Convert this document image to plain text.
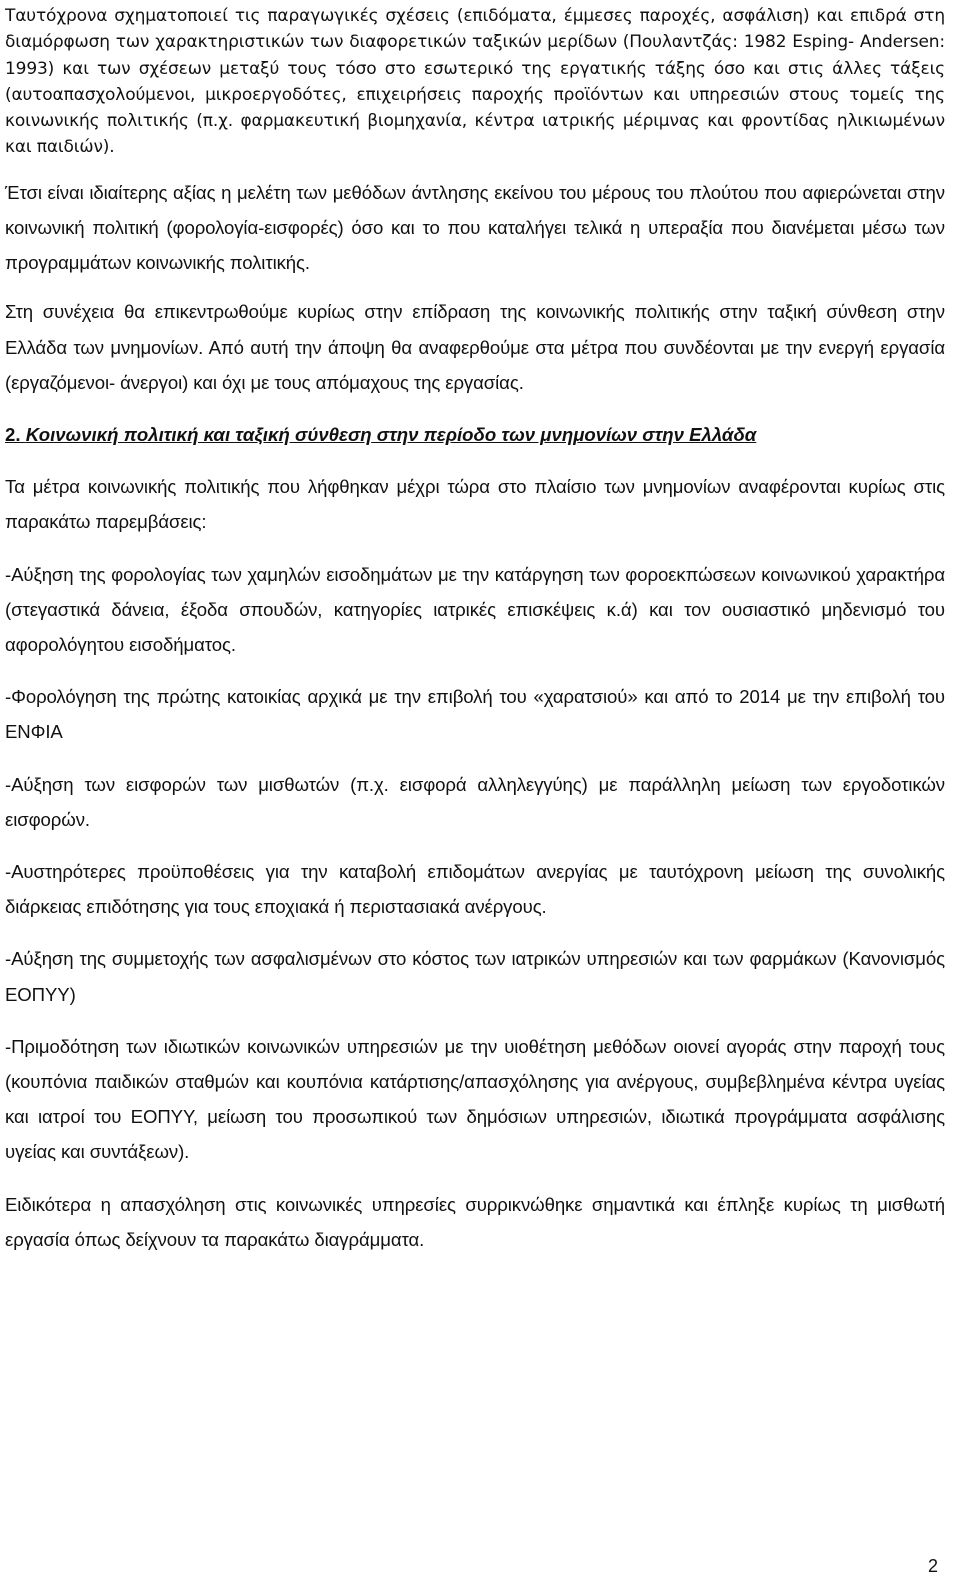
Ταυτόχρονα σχηματοποιεί τις παραγωγικές σχέσεις (επιδόματα, έμμεσες παροχές, ασφάλιση) και επιδρά στη διαμόρφωση των χαρακτηριστικών των διαφορετικών ταξικών μερίδων (Πουλαντζάς: 1982 Esping- Andersen: 1993) και των σχέσεων μεταξύ τους τόσο στο εσωτερικό της εργατικής τάξης όσο και στις άλλες τάξεις (αυτοαπασχολούμενοι, μικροεργοδότες, επιχειρήσεις παροχής προϊόντων και υπηρεσιών στους τομείς της κοινωνικής πολιτικής (π.χ. φαρμακευτική βιομηχανία, κέντρα ιατρικής μέριμνας και φροντίδας ηλικιωμένων και παιδιών).

Έτσι είναι ιδιαίτερης αξίας η μελέτη των μεθόδων άντλησης εκείνου του μέρους του πλούτου που αφιερώνεται στην κοινωνική πολιτική (φορολογία-εισφορές) όσο και το που καταλήγει τελικά η υπεραξία που διανέμεται μέσω των προγραμμάτων κοινωνικής πολιτικής.

Στη συνέχεια θα επικεντρωθούμε κυρίως στην επίδραση της κοινωνικής πολιτικής στην ταξική σύνθεση στην Ελλάδα των μνημονίων. Από αυτή την άποψη θα αναφερθούμε στα μέτρα που συνδέονται με την ενεργή εργασία (εργαζόμενοι- άνεργοι) και όχι με τους απόμαχους της εργασίας.

2. Κοινωνική πολιτική και ταξική σύνθεση στην περίοδο των μνημονίων στην Ελλάδα

Τα μέτρα κοινωνικής πολιτικής που λήφθηκαν μέχρι τώρα στο πλαίσιο των μνημονίων αναφέρονται κυρίως στις παρακάτω παρεμβάσεις:

-Αύξηση της φορολογίας των χαμηλών εισοδημάτων με την κατάργηση των φοροεκπώσεων κοινωνικού χαρακτήρα (στεγαστικά δάνεια, έξοδα σπουδών, κατηγορίες ιατρικές επισκέψεις κ.ά) και τον ουσιαστικό μηδενισμό του αφορολόγητου εισοδήματος.

-Φορολόγηση της πρώτης κατοικίας αρχικά με την επιβολή του «χαρατσιού» και από το 2014 με την επιβολή του ΕΝΦΙΑ

-Αύξηση των εισφορών των μισθωτών (π.χ. εισφορά αλληλεγγύης) με παράλληλη μείωση των εργοδοτικών εισφορών.

-Αυστηρότερες προϋποθέσεις για την καταβολή επιδομάτων ανεργίας με ταυτόχρονη μείωση της συνολικής διάρκειας επιδότησης για τους εποχιακά ή περιστασιακά ανέργους.

-Αύξηση της συμμετοχής των ασφαλισμένων στο κόστος των ιατρικών υπηρεσιών και των φαρμάκων (Κανονισμός ΕΟΠΥΥ)

-Πριμοδότηση των ιδιωτικών κοινωνικών υπηρεσιών με την υιοθέτηση μεθόδων οιονεί αγοράς στην παροχή τους (κουπόνια παιδικών σταθμών και κουπόνια κατάρτισης/απασχόλησης για ανέργους, συμβεβλημένα κέντρα υγείας και ιατροί του ΕΟΠΥΥ, μείωση του προσωπικού των δημόσιων υπηρεσιών, ιδιωτικά προγράμματα ασφάλισης υγείας και συντάξεων).

Ειδικότερα η απασχόληση στις κοινωνικές υπηρεσίες συρρικνώθηκε σημαντικά και έπληξε κυρίως τη μισθωτή εργασία όπως δείχνουν τα παρακάτω διαγράμματα.

2
